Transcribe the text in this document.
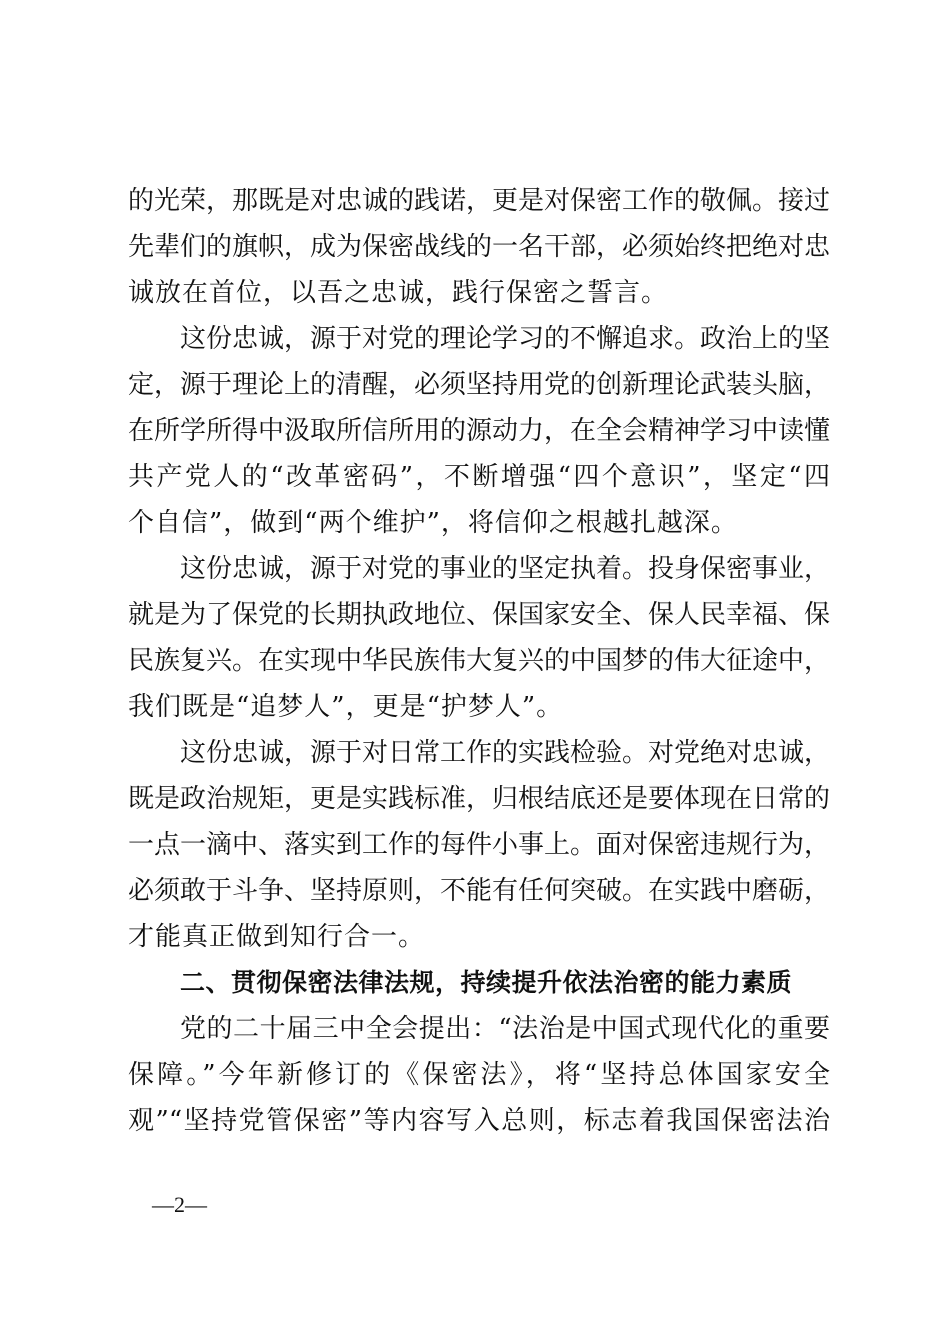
的光荣，那既是对忠诚的践诺，更是对保密工作的敬佩。接过
先辈们的旗帜，成为保密战线的一名干部，必须始终把绝对忠
诚放在首位，以吾之忠诚，践行保密之誓言。
这份忠诚，源于对党的理论学习的不懈追求。政治上的坚
定，源于理论上的清醒，必须坚持用党的创新理论武装头脑，
在所学所得中汲取所信所用的源动力，在全会精神学习中读懂
共产党人的“改革密码”，不断增强“四个意识”，坚定“四
个自信”，做到“两个维护”，将信仰之根越扎越深。
这份忠诚，源于对党的事业的坚定执着。投身保密事业，
就是为了保党的长期执政地位、保国家安全、保人民幸福、保
民族复兴。在实现中华民族伟大复兴的中国梦的伟大征途中，
我们既是“追梦人”，更是“护梦人”。
这份忠诚，源于对日常工作的实践检验。对党绝对忠诚，
既是政治规矩，更是实践标准，归根结底还是要体现在日常的
一点一滴中、落实到工作的每件小事上。面对保密违规行为，
必须敢于斗争、坚持原则，不能有任何突破。在实践中磨砺，
才能真正做到知行合一。
二、贯彻保密法律法规，持续提升依法治密的能力素质
党的二十届三中全会提出：“法治是中国式现代化的重要
保障。”今年新修订的《保密法》，将“坚持总体国家安全
观”“坚持党管保密”等内容写入总则，标志着我国保密法治
—2—
